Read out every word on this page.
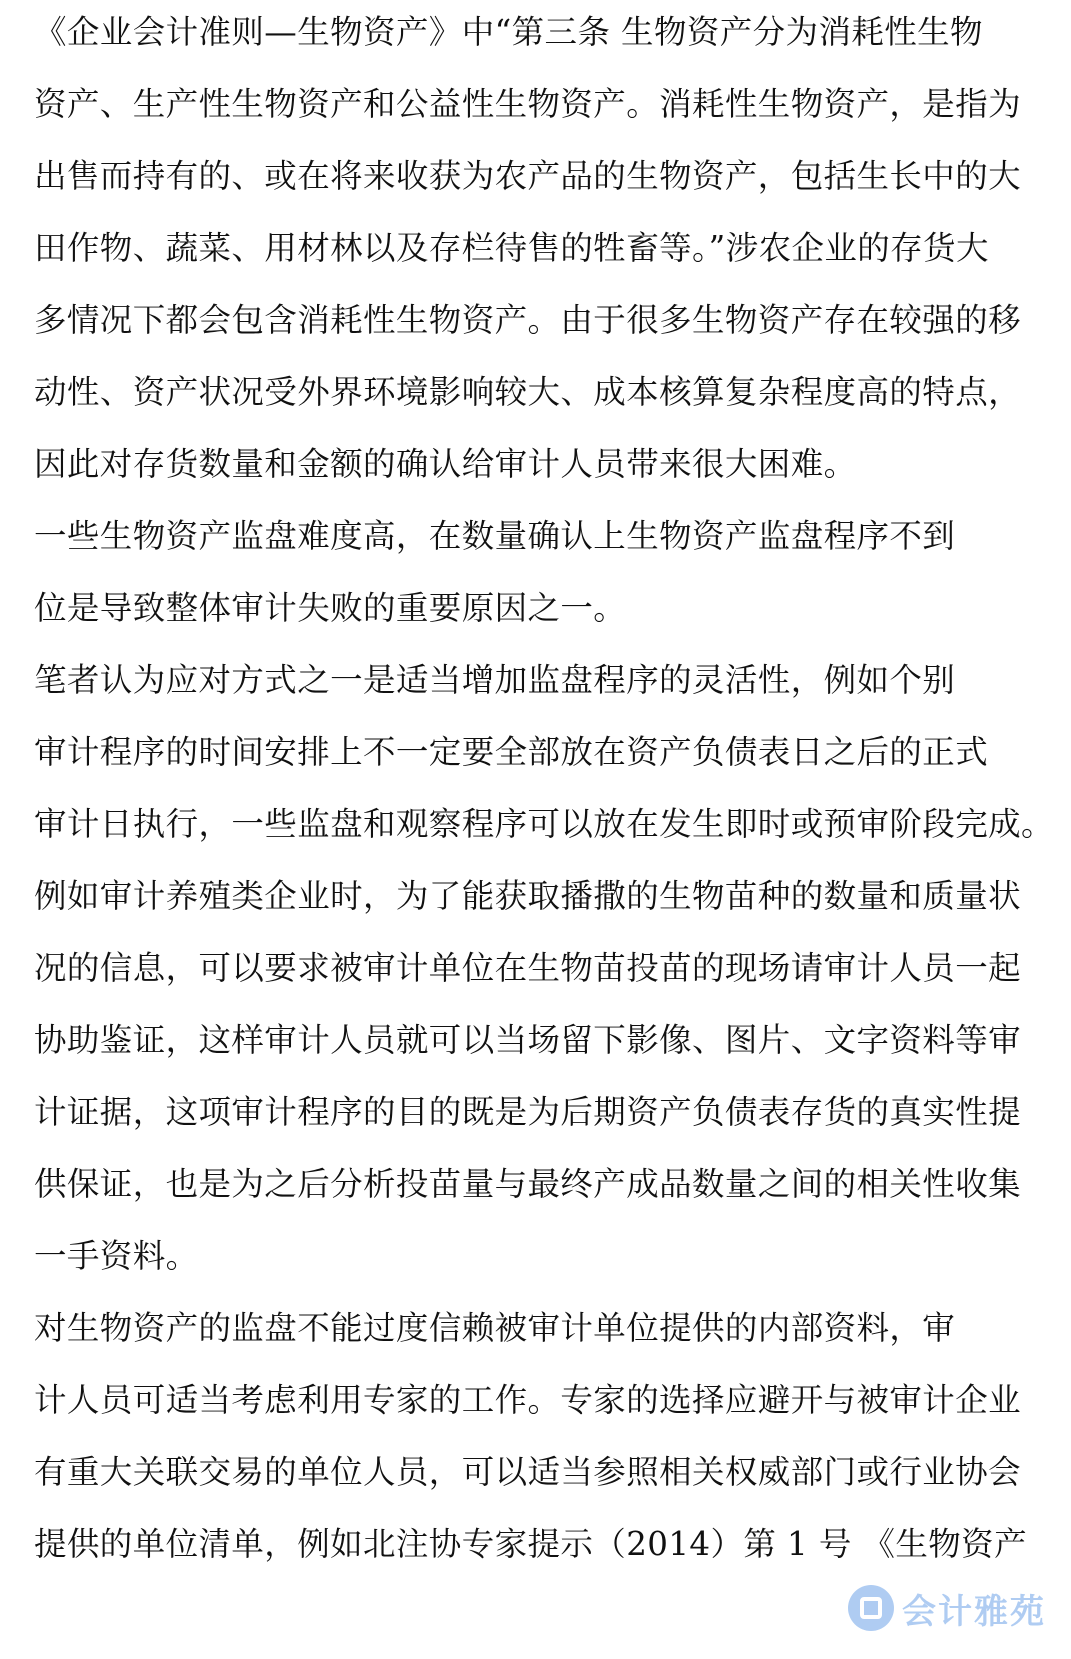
《企业会计准则—生物资产》中“第三条 生物资产分为消耗性生物

资产、生产性生物资产和公益性生物资产。消耗性生物资产，是指为

出售而持有的、或在将来收获为农产品的生物资产，包括生长中的大

田作物、蔬菜、用材林以及存栏待售的牲畜等。”涉农企业的存货大

多情况下都会包含消耗性生物资产。由于很多生物资产存在较强的移

动性、资产状况受外界环境影响较大、成本核算复杂程度高的特点，

因此对存货数量和金额的确认给审计人员带来很大困难。

一些生物资产监盘难度高，在数量确认上生物资产监盘程序不到

位是导致整体审计失败的重要原因之一。

笔者认为应对方式之一是适当增加监盘程序的灵活性，例如个别

审计程序的时间安排上不一定要全部放在资产负债表日之后的正式

审计日执行，一些监盘和观察程序可以放在发生即时或预审阶段完成。

例如审计养殖类企业时，为了能获取播撒的生物苗种的数量和质量状

况的信息，可以要求被审计单位在生物苗投苗的现场请审计人员一起

协助鉴证，这样审计人员就可以当场留下影像、图片、文字资料等审

计证据，这项审计程序的目的既是为后期资产负债表存货的真实性提

供保证，也是为之后分析投苗量与最终产成品数量之间的相关性收集

一手资料。

对生物资产的监盘不能过度信赖被审计单位提供的内部资料，审

计人员可适当考虑利用专家的工作。专家的选择应避开与被审计企业

有重大关联交易的单位人员，可以适当参照相关权威部门或行业协会

提供的单位清单，例如北注协专家提示（2014）第 1 号 《生物资产

会计雅苑
